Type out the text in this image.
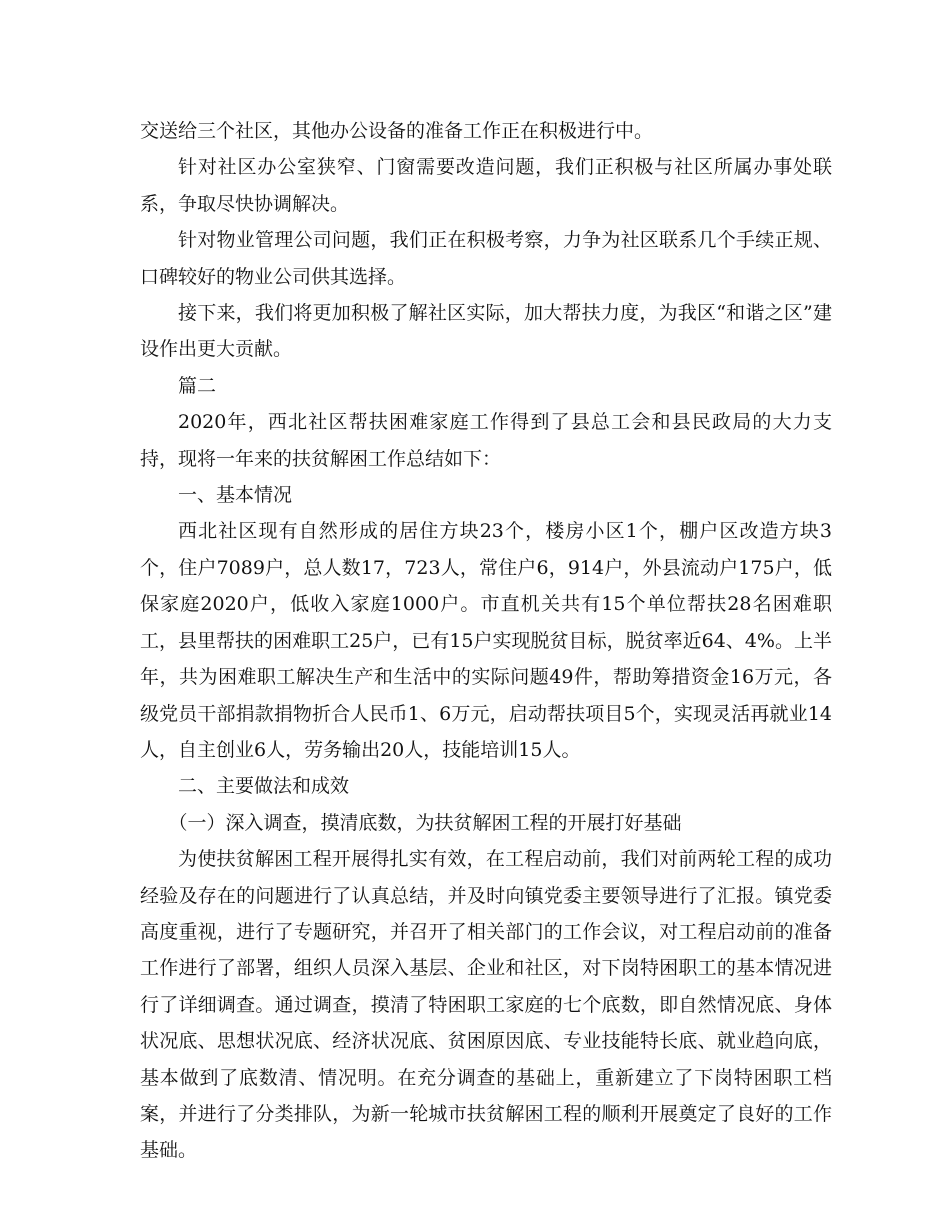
交送给三个社区，其他办公设备的准备工作正在积极进行中。

针对社区办公室狭窄、门窗需要改造问题，我们正积极与社区所属办事处联系，争取尽快协调解决。

针对物业管理公司问题，我们正在积极考察，力争为社区联系几个手续正规、口碑较好的物业公司供其选择。

接下来，我们将更加积极了解社区实际，加大帮扶力度，为我区“和谐之区”建设作出更大贡献。

篇二

2020年，西北社区帮扶困难家庭工作得到了县总工会和县民政局的大力支持，现将一年来的扶贫解困工作总结如下：

一、基本情况

西北社区现有自然形成的居住方块23个，楼房小区1个，棚户区改造方块3个，住户7089户，总人数17，723人，常住户6，914户，外县流动户175户，低保家庭2020户，低收入家庭1000户。市直机关共有15个单位帮扶28名困难职工，县里帮扶的困难职工25户，已有15户实现脱贫目标，脱贫率近64、4%。上半年，共为困难职工解决生产和生活中的实际问题49件，帮助筹措资金16万元，各级党员干部捐款捐物折合人民币1、6万元，启动帮扶项目5个，实现灵活再就业14人，自主创业6人，劳务输出20人，技能培训15人。

二、主要做法和成效

（一）深入调查，摸清底数，为扶贫解困工程的开展打好基础

为使扶贫解困工程开展得扎实有效，在工程启动前，我们对前两轮工程的成功经验及存在的问题进行了认真总结，并及时向镇党委主要领导进行了汇报。镇党委高度重视，进行了专题研究，并召开了相关部门的工作会议，对工程启动前的准备工作进行了部署，组织人员深入基层、企业和社区，对下岗特困职工的基本情况进行了详细调查。通过调查，摸清了特困职工家庭的七个底数，即自然情况底、身体状况底、思想状况底、经济状况底、贫困原因底、专业技能特长底、就业趋向底，基本做到了底数清、情况明。在充分调查的基础上，重新建立了下岗特困职工档案，并进行了分类排队，为新一轮城市扶贫解困工程的顺利开展奠定了良好的工作基础。
